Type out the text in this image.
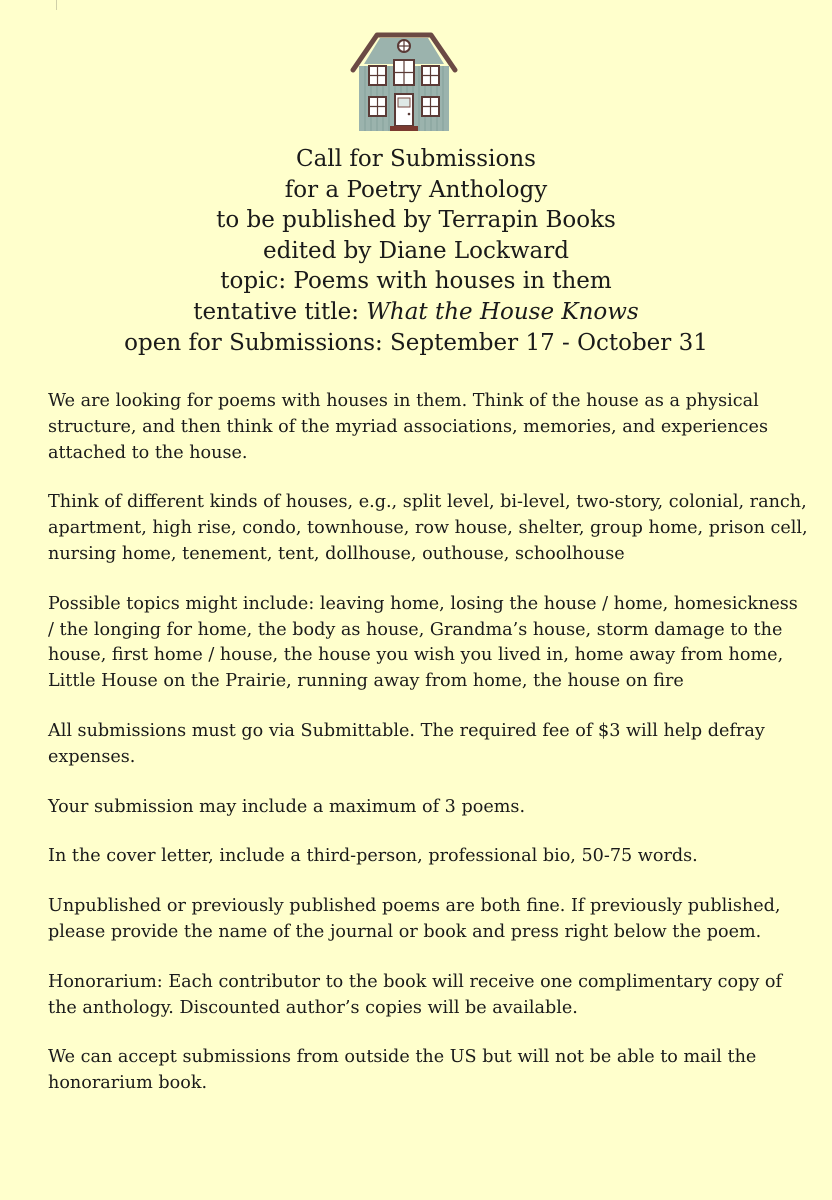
Call for Submissions
for a Poetry Anthology
to be published by Terrapin Books
edited by Diane Lockward
topic: Poems with houses in them
tentative title: What the House Knows
open for Submissions: September 17 - October 31

We are looking for poems with houses in them. Think of the house as a physical structure, and then think of the myriad associations, memories, and experiences attached to the house.

Think of different kinds of houses, e.g., split level, bi-level, two-story, colonial, ranch, apartment, high rise, condo, townhouse, row house, shelter, group home, prison cell, nursing home, tenement, tent, dollhouse, outhouse, schoolhouse

Possible topics might include: leaving home, losing the house / home, homesickness / the longing for home, the body as house, Grandma’s house, storm damage to the house, first home / house, the house you wish you lived in, home away from home, Little House on the Prairie, running away from home, the house on fire

All submissions must go via Submittable. The required fee of $3 will help defray expenses.

Your submission may include a maximum of 3 poems.

In the cover letter, include a third-person, professional bio, 50-75 words.

Unpublished or previously published poems are both fine. If previously published, please provide the name of the journal or book and press right below the poem.

Honorarium: Each contributor to the book will receive one complimentary copy of the anthology. Discounted author’s copies will be available.

We can accept submissions from outside the US but will not be able to mail the honorarium book.
